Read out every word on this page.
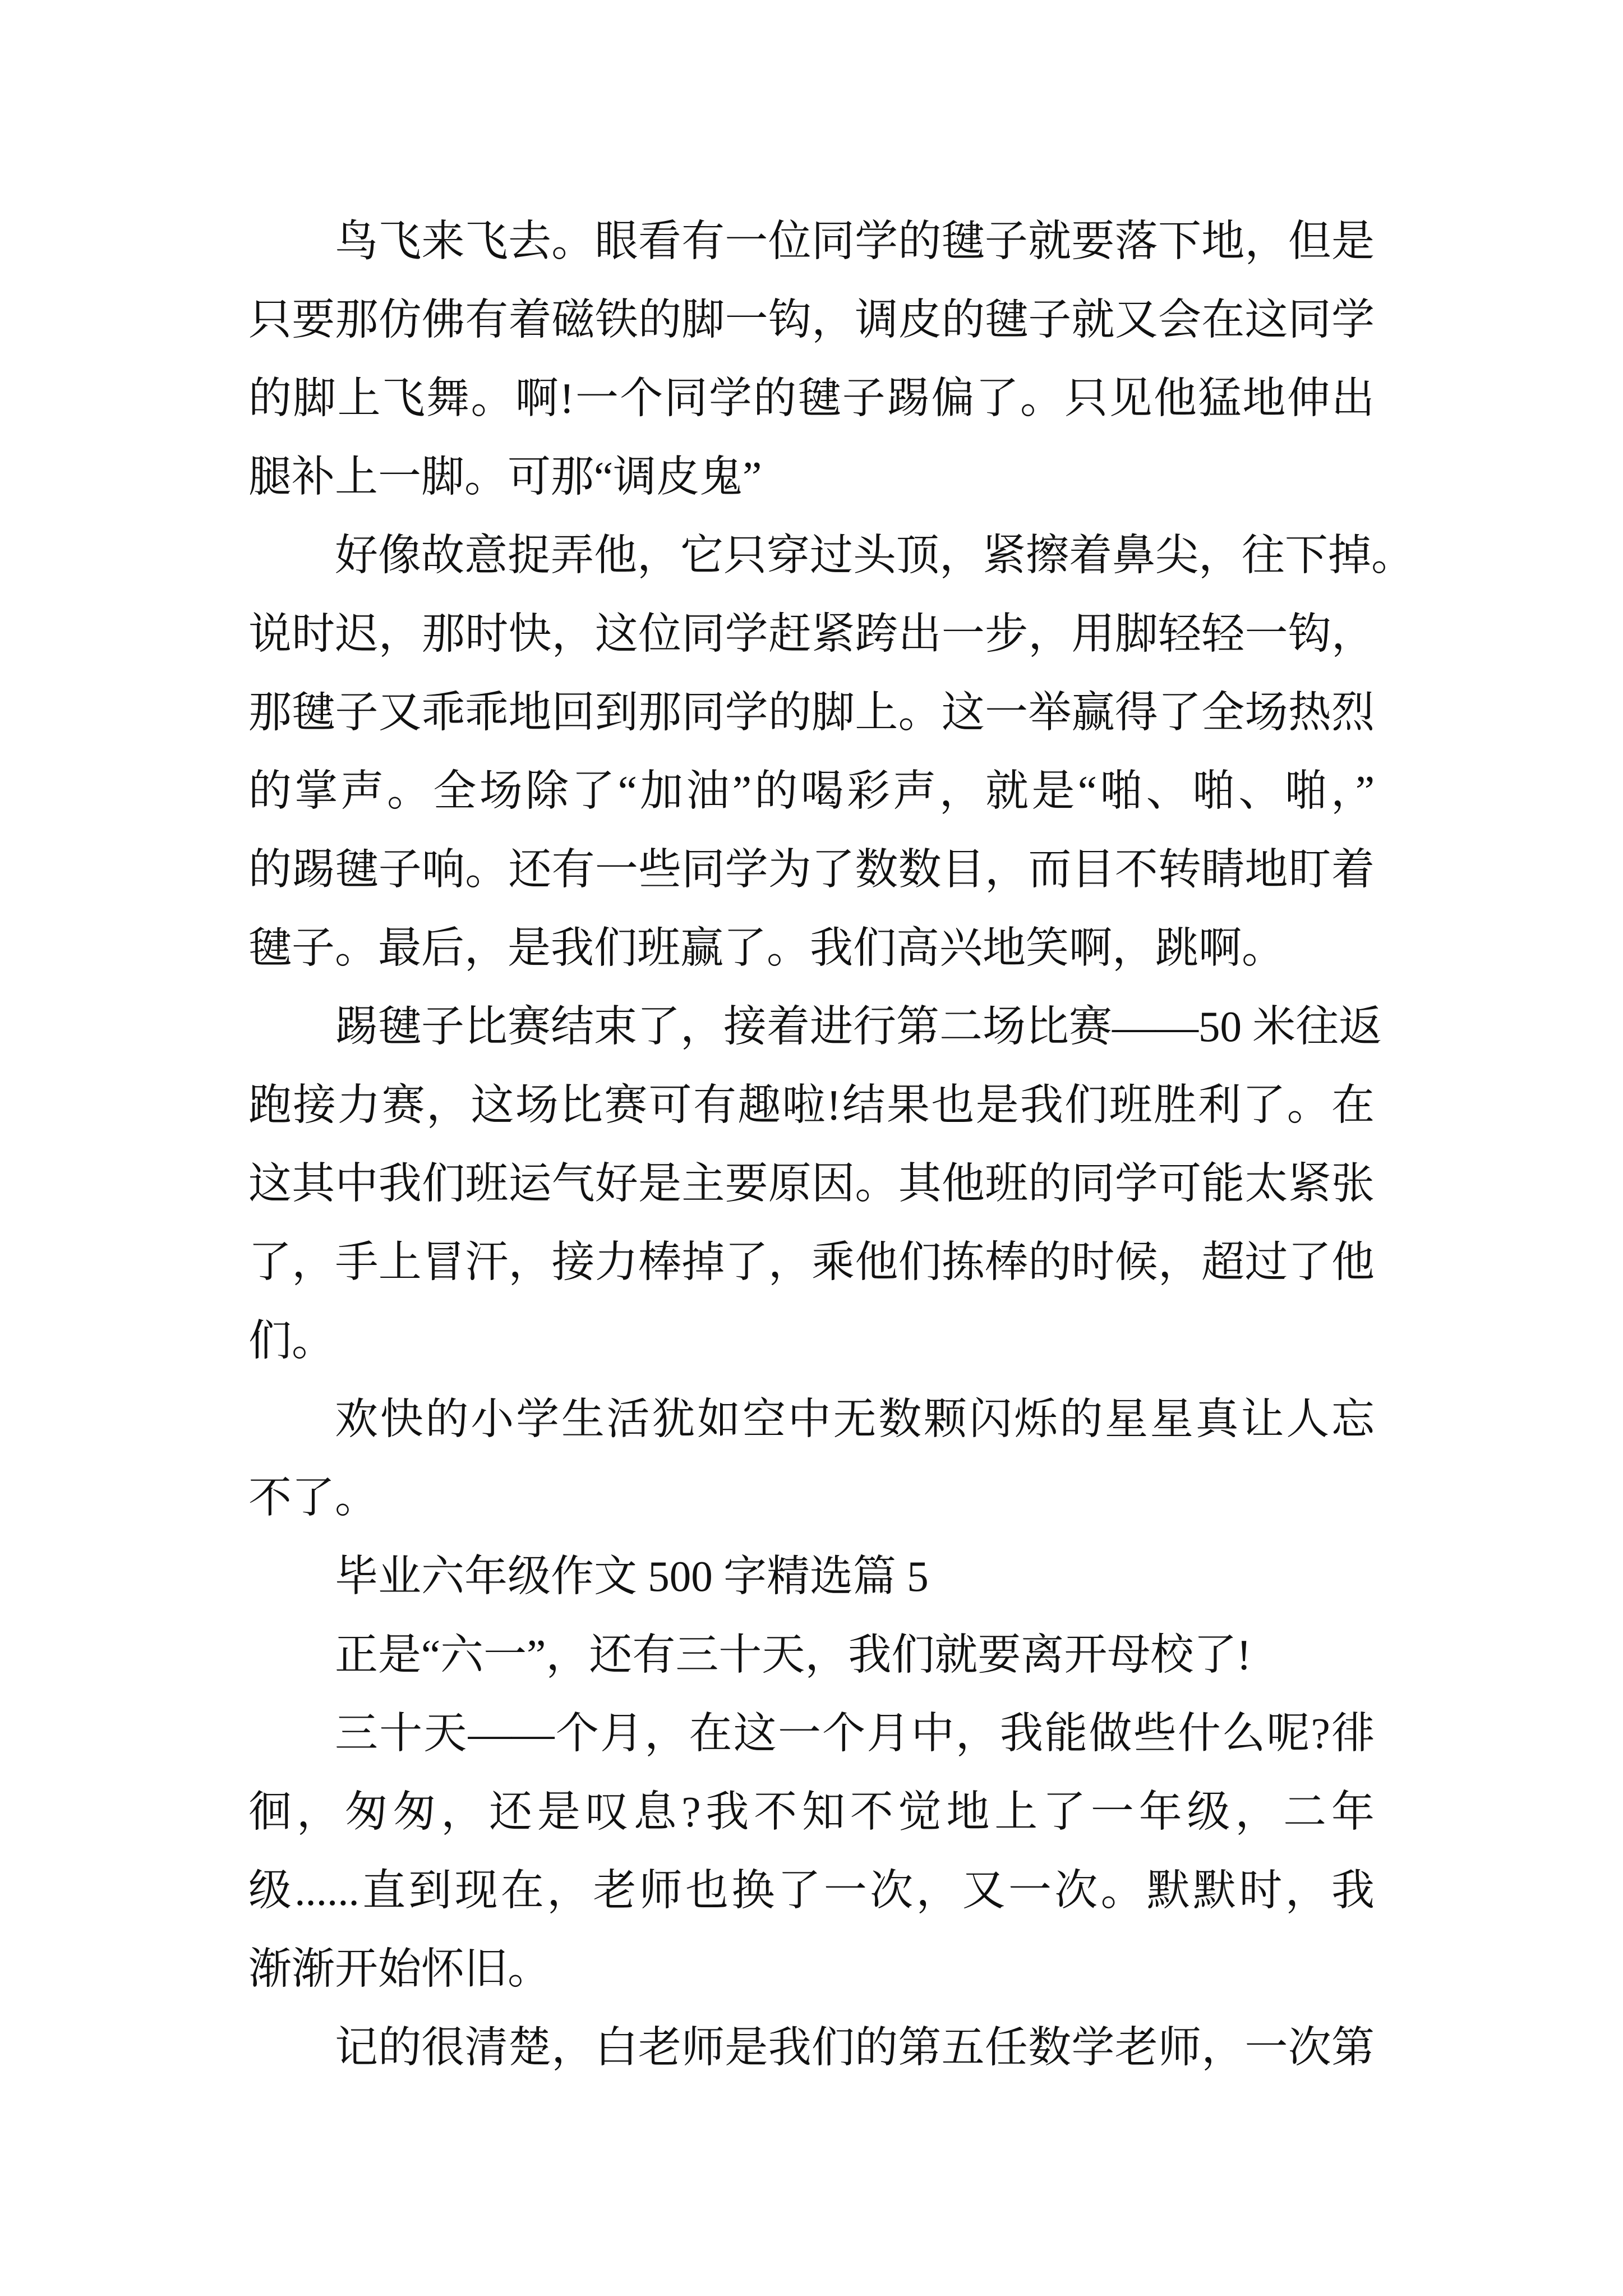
鸟飞来飞去。眼看有一位同学的毽子就要落下地，但是
只要那仿佛有着磁铁的脚一钩，调皮的毽子就又会在这同学
的脚上飞舞。啊!一个同学的毽子踢偏了。只见他猛地伸出
腿补上一脚。可那“调皮鬼”
好像故意捉弄他，它只穿过头顶，紧擦着鼻尖，往下掉。
说时迟，那时快，这位同学赶紧跨出一步，用脚轻轻一钩，
那毽子又乖乖地回到那同学的脚上。这一举赢得了全场热烈
的掌声。全场除了“加油”的喝彩声，就是“啪、啪、啪，”
的踢毽子响。还有一些同学为了数数目，而目不转睛地盯着
毽子。最后，是我们班赢了。我们高兴地笑啊，跳啊。
踢毽子比赛结束了，接着进行第二场比赛——50 米往返
跑接力赛，这场比赛可有趣啦!结果也是我们班胜利了。在
这其中我们班运气好是主要原因。其他班的同学可能太紧张
了，手上冒汗，接力棒掉了，乘他们拣棒的时候，超过了他
们。
欢快的小学生活犹如空中无数颗闪烁的星星真让人忘
不了。
毕业六年级作文 500 字精选篇 5
正是“六一”，还有三十天，我们就要离开母校了!
三十天——个月，在这一个月中，我能做些什么呢?徘
徊，匆匆，还是叹息?我不知不觉地上了一年级，二年
级......直到现在，老师也换了一次，又一次。默默时，我
渐渐开始怀旧。
记的很清楚，白老师是我们的第五任数学老师，一次第
